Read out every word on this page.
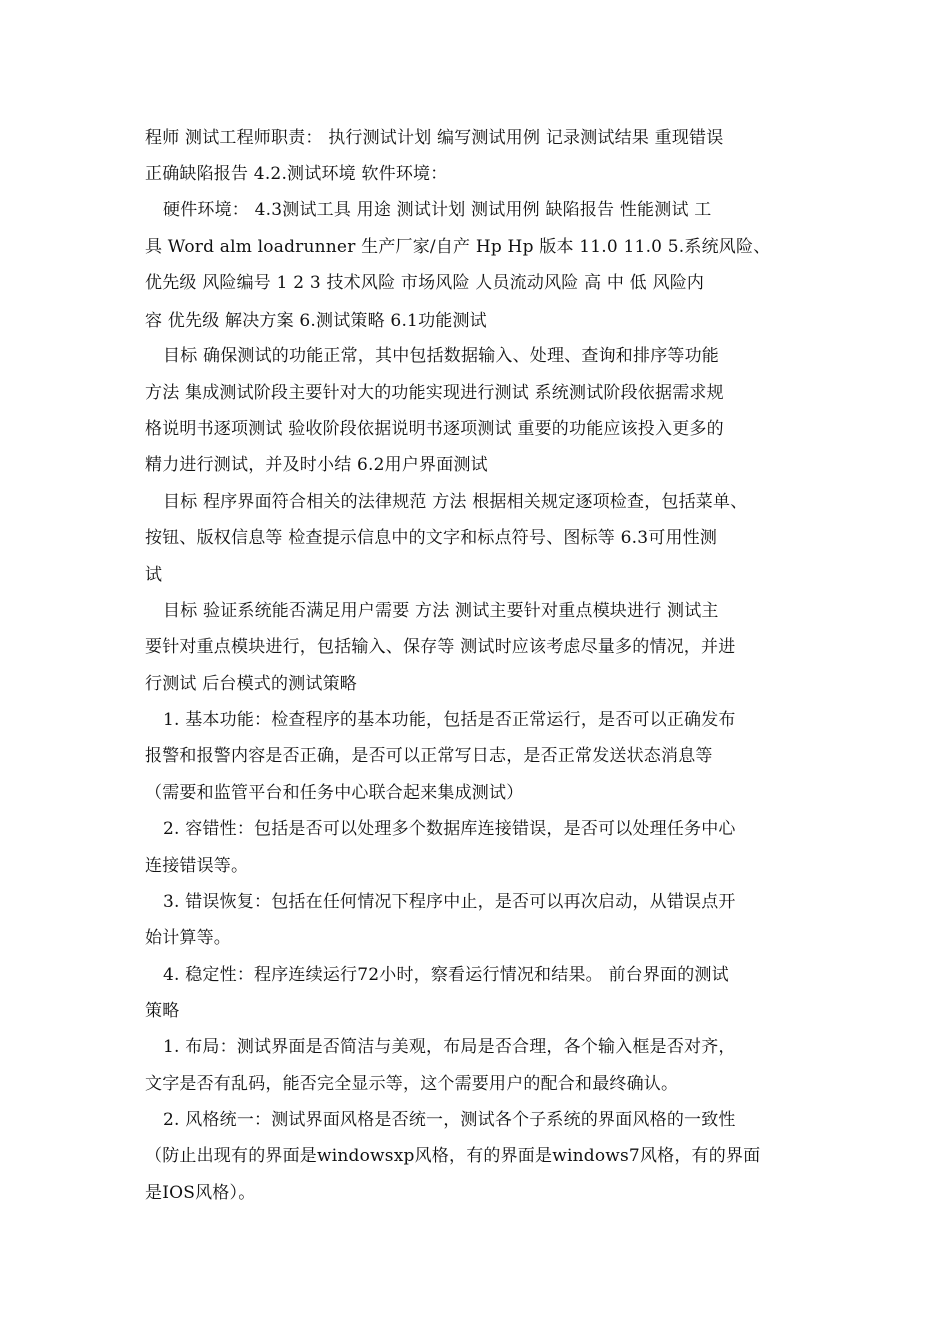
程师 测试工程师职责： 执行测试计划 编写测试用例 记录测试结果 重现错误
正确缺陷报告 4.2.测试环境 软件环境：
硬件环境： 4.3测试工具 用途 测试计划 测试用例 缺陷报告 性能测试 工
具 Word alm loadrunner 生产厂家/自产 Hp Hp 版本 11.0 11.0 5.系统风险、
优先级 风险编号 1 2 3 技术风险 市场风险 人员流动风险 高 中 低 风险内
容 优先级 解决方案 6.测试策略 6.1功能测试
目标 确保测试的功能正常，其中包括数据输入、处理、查询和排序等功能
方法 集成测试阶段主要针对大的功能实现进行测试 系统测试阶段依据需求规
格说明书逐项测试 验收阶段依据说明书逐项测试 重要的功能应该投入更多的
精力进行测试，并及时小结 6.2用户界面测试
目标 程序界面符合相关的法律规范 方法 根据相关规定逐项检查，包括菜单、
按钮、版权信息等 检查提示信息中的文字和标点符号、图标等 6.3可用性测
试
目标 验证系统能否满足用户需要 方法 测试主要针对重点模块进行 测试主
要针对重点模块进行，包括输入、保存等 测试时应该考虑尽量多的情况，并进
行测试 后台模式的测试策略
1. 基本功能：检查程序的基本功能，包括是否正常运行，是否可以正确发布
报警和报警内容是否正确，是否可以正常写日志，是否正常发送状态消息等
（需要和监管平台和任务中心联合起来集成测试）
2. 容错性：包括是否可以处理多个数据库连接错误，是否可以处理任务中心
连接错误等。
3. 错误恢复：包括在任何情况下程序中止，是否可以再次启动，从错误点开
始计算等。
4. 稳定性：程序连续运行72小时，察看运行情况和结果。 前台界面的测试
策略
1. 布局：测试界面是否简洁与美观，布局是否合理，各个输入框是否对齐，
文字是否有乱码，能否完全显示等，这个需要用户的配合和最终确认。
2. 风格统一：测试界面风格是否统一，测试各个子系统的界面风格的一致性
（防止出现有的界面是windowsxp风格，有的界面是windows7风格，有的界面
是IOS风格）。
